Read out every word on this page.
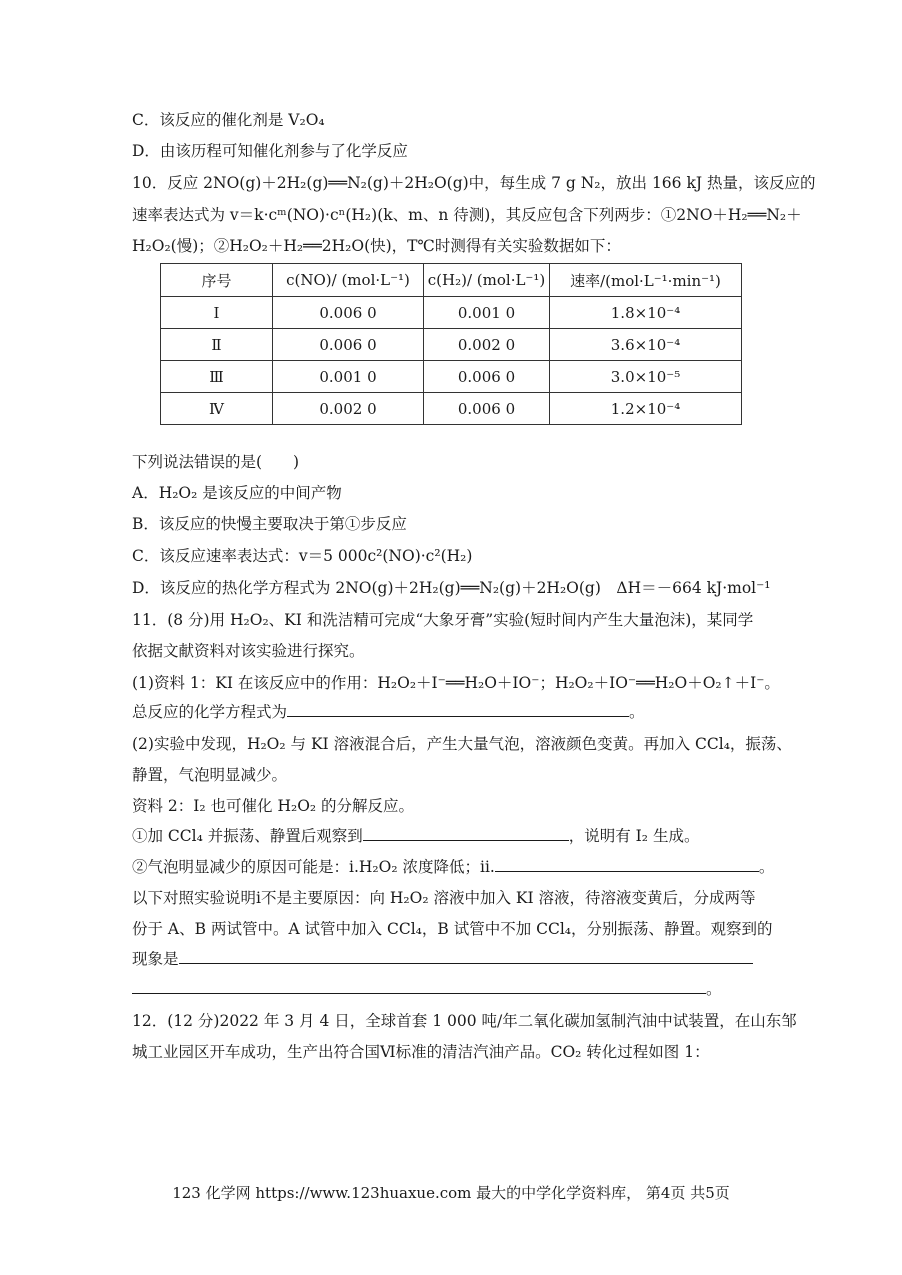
C．该反应的催化剂是 V₂O₄
D．由该历程可知催化剂参与了化学反应
10．反应 2NO(g)＋2H₂(g)══N₂(g)＋2H₂O(g)中，每生成 7 g N₂，放出 166 kJ 热量，该反应的
速率表达式为 v＝k·cᵐ(NO)·cⁿ(H₂)(k、m、n 待测)，其反应包含下列两步：①2NO＋H₂══N₂＋
H₂O₂(慢)；②H₂O₂＋H₂══2H₂O(快)，T℃时测得有关实验数据如下：
序号	c(NO)/ (mol·L⁻¹)	c(H₂)/ (mol·L⁻¹)	速率/(mol·L⁻¹·min⁻¹)
Ⅰ	0.006 0	0.001 0	1.8×10⁻⁴
Ⅱ	0.006 0	0.002 0	3.6×10⁻⁴
Ⅲ	0.001 0	0.006 0	3.0×10⁻⁵
Ⅳ	0.002 0	0.006 0	1.2×10⁻⁴
下列说法错误的是(　　)
A．H₂O₂ 是该反应的中间产物
B．该反应的快慢主要取决于第①步反应
C．该反应速率表达式：v＝5 000c²(NO)·c²(H₂)
D．该反应的热化学方程式为 2NO(g)＋2H₂(g)══N₂(g)＋2H₂O(g)　ΔH＝－664 kJ·mol⁻¹
11．(8 分)用 H₂O₂、KI 和洗洁精可完成“大象牙膏”实验(短时间内产生大量泡沫)，某同学
依据文献资料对该实验进行探究。
(1)资料 1：KI 在该反应中的作用：H₂O₂＋I⁻══H₂O＋IO⁻；H₂O₂＋IO⁻══H₂O＋O₂↑＋I⁻。
总反应的化学方程式为	。
(2)实验中发现，H₂O₂ 与 KI 溶液混合后，产生大量气泡，溶液颜色变黄。再加入 CCl₄，振荡、
静置，气泡明显减少。
资料 2：I₂ 也可催化 H₂O₂ 的分解反应。
①加 CCl₄ 并振荡、静置后观察到	，说明有 I₂ 生成。
②气泡明显减少的原因可能是：ⅰ.H₂O₂ 浓度降低；ⅱ.	。
以下对照实验说明ⅰ不是主要原因：向 H₂O₂ 溶液中加入 KI 溶液，待溶液变黄后，分成两等
份于 A、B 两试管中。A 试管中加入 CCl₄，B 试管中不加 CCl₄，分别振荡、静置。观察到的
现象是
。
12．(12 分)2022 年 3 月 4 日，全球首套 1 000 吨/年二氧化碳加氢制汽油中试装置，在山东邹
城工业园区开车成功，生产出符合国Ⅵ标准的清洁汽油产品。CO₂ 转化过程如图 1：
123 化学网 https://www.123huaxue.com 最大的中学化学资料库， 第4页 共5页
